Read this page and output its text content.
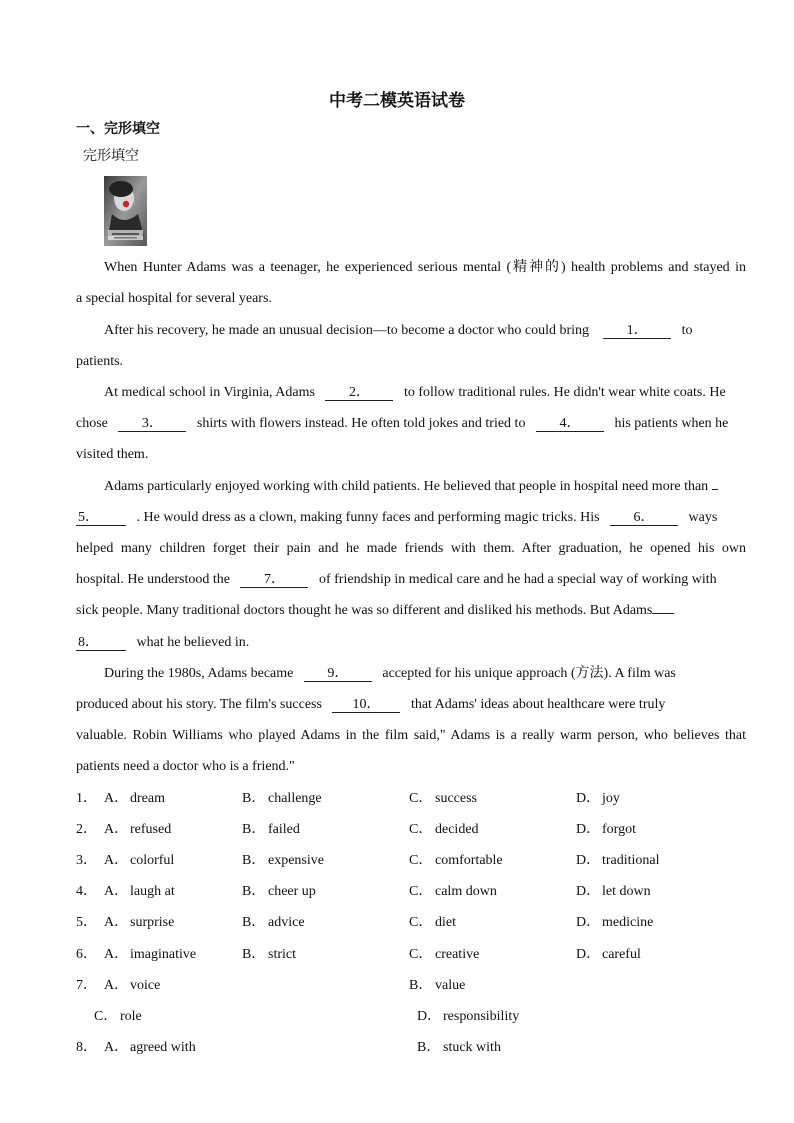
中考二模英语试卷
一、完形填空
完形填空
When Hunter Adams was a teenager, he experienced serious mental (精神的) health problems and stayed in
a special hospital for several years.
After his recovery, he made an unusual decision—to become a doctor who could bring	1． to
patients.
At medical school in Virginia, Adams 2． to follow traditional rules. He didn't wear white coats. He
chose 3． shirts with flowers instead. He often told jokes and tried to 4． his patients when he
visited them.
Adams particularly enjoyed working with child patients. He believed that people in hospital need more than
5．	. He would dress as a clown, making funny faces and performing magic tricks. His 6． ways
helped many children forget their pain and he made friends with them. After graduation, he opened his own
hospital. He understood the 7． of friendship in medical care and he had a special way of working with
sick people. Many traditional doctors thought he was so different and disliked his methods. But Adams
8．	what he believed in.
During the 1980s, Adams became 9． accepted for his unique approach (方法). A film was
produced about his story. The film's success 10． that Adams' ideas about healthcare were truly
valuable. Robin Williams who played Adams in the film said," Adams is a really warm person, who believes that
patients need a doctor who is a friend."
1． A． dream	B． challenge	C． success	D． joy
2． A． refused	B． failed	C． decided	D． forgot
3． A． colorful	B． expensive	C． comfortable	D． traditional
4． A． laugh at	B． cheer up	C． calm down	D． let down
5． A． surprise	B． advice	C． diet	D． medicine
6． A． imaginative	B． strict	C． creative	D． careful
7． A． voice	B． value
C． role	D． responsibility
8． A． agreed with	B． stuck with
